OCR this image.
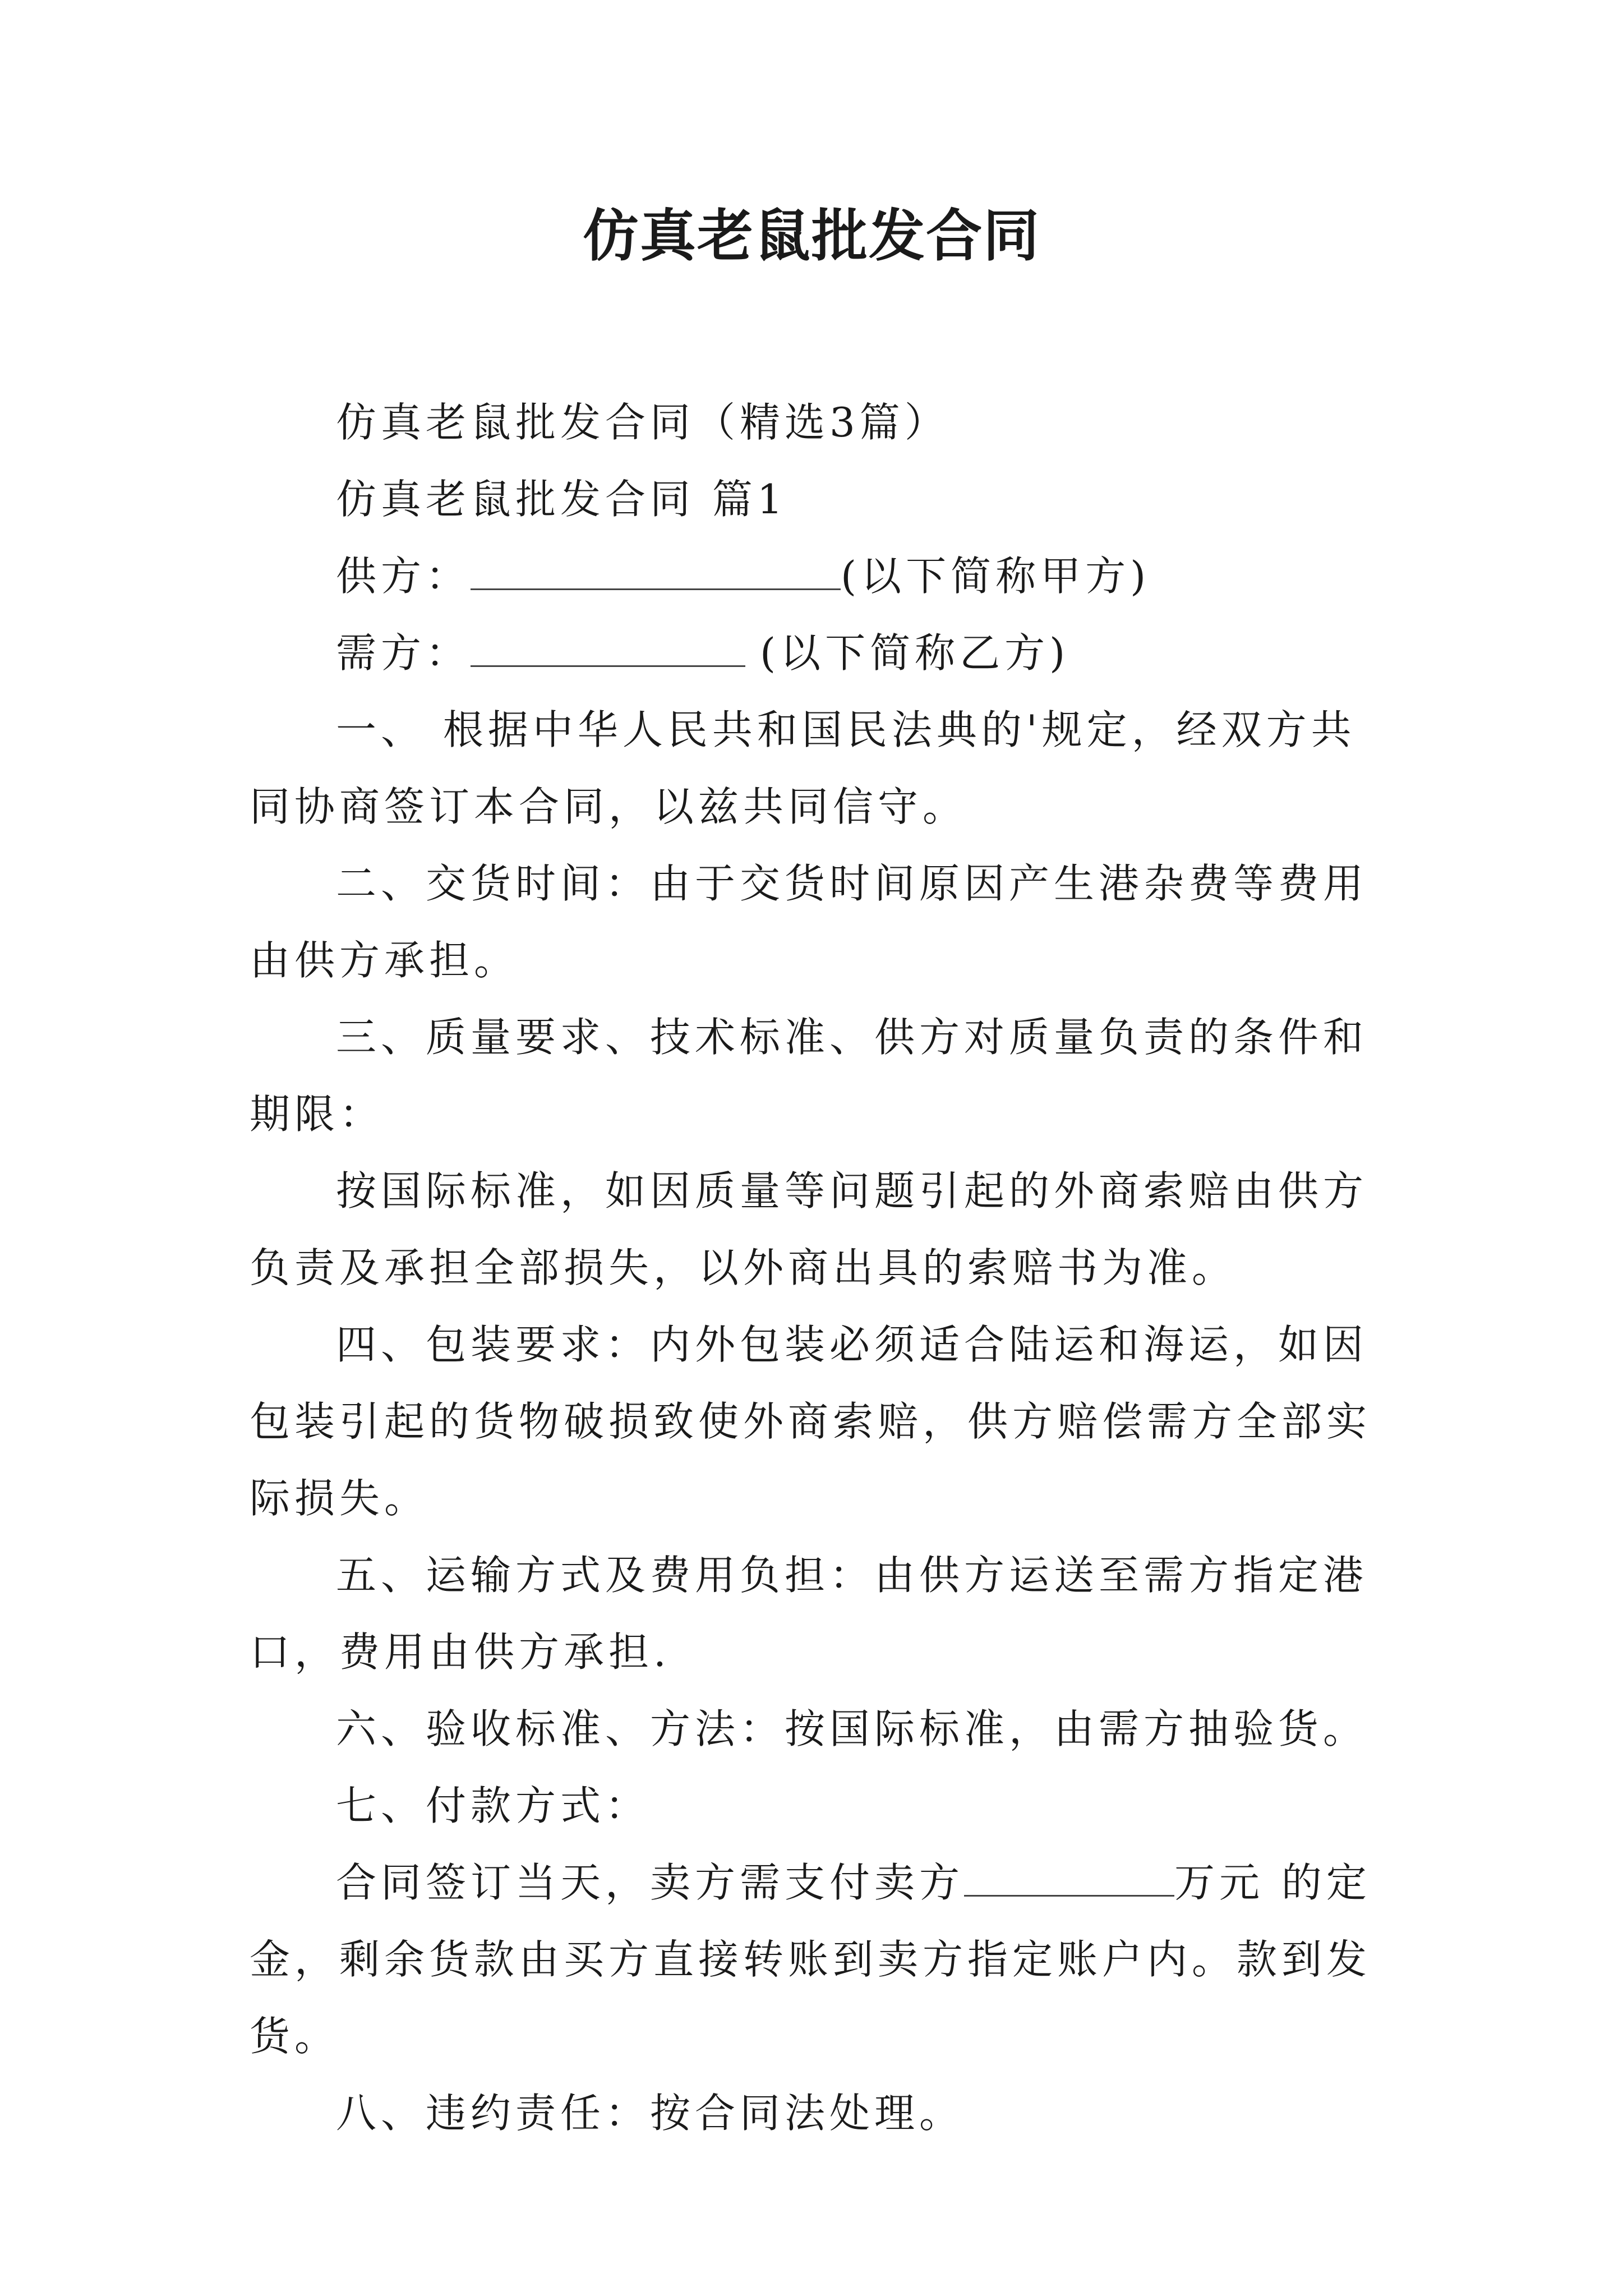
仿真老鼠批发合同

仿真老鼠批发合同（精选3篇）

仿真老鼠批发合同 篇1

供方：	(以下简称甲方)

需方：	(以下简称乙方)

一、 根据中华人民共和国民法典的'规定，经双方共同协商签订本合同，以兹共同信守。

二、交货时间：由于交货时间原因产生港杂费等费用由供方承担。

三、质量要求、技术标准、供方对质量负责的条件和期限：

按国际标准，如因质量等问题引起的外商索赔由供方负责及承担全部损失，以外商出具的索赔书为准。

四、包装要求：内外包装必须适合陆运和海运，如因包装引起的货物破损致使外商索赔，供方赔偿需方全部实际损失。

五、运输方式及费用负担：由供方运送至需方指定港口，费用由供方承担.

六、验收标准、方法：按国际标准，由需方抽验货。

七、付款方式：

合同签订当天，卖方需支付卖方	万元 的定金，剩余货款由买方直接转账到卖方指定账户内。款到发货。

八、违约责任：按合同法处理。
